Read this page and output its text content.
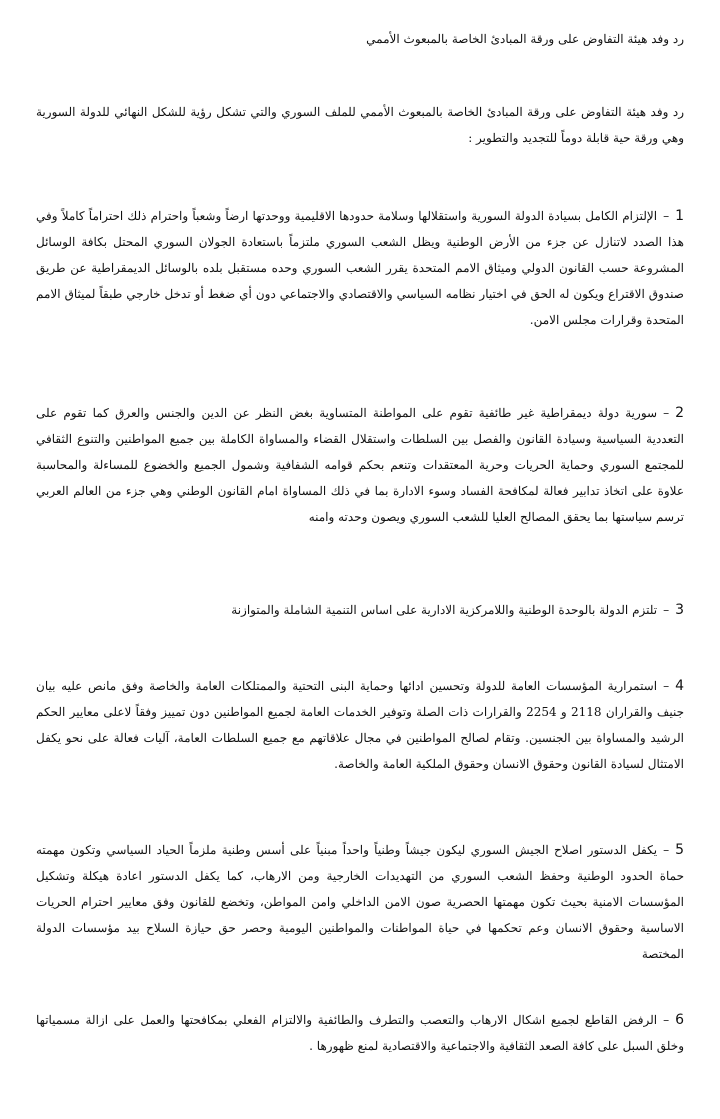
رد وفد هيئة التفاوض على ورقة المبادئ الخاصة بالمبعوث الأممي
رد وفد هيئة التفاوض على ورقة المبادئ الخاصة بالمبعوث الأممي للملف السوري والتي تشكل رؤية للشكل النهائي للدولة السورية وهي ورقة حية قابلة دوماً للتجديد والتطوير :
1–الإلتزام الكامل بسيادة الدولة السورية واستقلالها وسلامة حدودها الاقليمية ووحدتها ارضاً وشعباً واحترام ذلك احتراماً كاملاً وفي هذا الصدد لاتنازل عن جزء من الأرض الوطنية ويظل الشعب السوري ملتزماً باستعادة الجولان السوري المحتل بكافة الوسائل المشروعة حسب القانون الدولي وميثاق الامم المتحدة يقرر الشعب السوري وحده مستقبل بلده بالوسائل الديمقراطية عن طريق صندوق الاقتراع ويكون له الحق في اختيار نظامه السياسي والاقتصادي والاجتماعي دون أي ضغط أو تدخل خارجي طبقاً لميثاق الامم المتحدة وقرارات مجلس الامن.
2–سورية دولة ديمقراطية غير طائفية تقوم على المواطنة المتساوية بغض النظر عن الدين والجنس والعرق كما تقوم على التعددية السياسية وسيادة القانون والفصل بين السلطات واستقلال القضاء والمساواة الكاملة بين جميع المواطنين والتنوع الثقافي للمجتمع السوري وحماية الحريات وحرية المعتقدات وتنعم بحكم قوامه الشفافية وشمول الجميع والخضوع للمساءلة والمحاسبة علاوة على اتخاذ تدابير فعالة لمكافحة الفساد وسوء الادارة بما في ذلك المساواة امام القانون الوطني وهي جزء من العالم العربي ترسم سياستها بما يحقق المصالح العليا للشعب السوري ويصون وحدته وامنه
3–تلتزم الدولة بالوحدة الوطنية واللامركزية الادارية على اساس التنمية الشاملة والمتوازنة
4–استمرارية المؤسسات العامة للدولة وتحسين ادائها وحماية البنى التحتية والممتلكات العامة والخاصة وفق مانص عليه بيان جنيف والقراران 2118 و 2254 والقرارات ذات الصلة وتوفير الخدمات العامة لجميع المواطنين دون تمييز وفقاً لاعلى معايير الحكم الرشيد والمساواة بين الجنسين. وتقام لصالح المواطنين في مجال علاقاتهم مع جميع السلطات العامة، آليات فعالة على نحو يكفل الامتثال لسيادة القانون وحقوق الانسان وحقوق الملكية العامة والخاصة.
5–يكفل الدستور اصلاح الجيش السوري ليكون جيشاً وطنياً واحداً مبنياً على أسس وطنية ملزماً الحياد السياسي وتكون مهمته حماة الحدود الوطنية وحفظ الشعب السوري من التهديدات الخارجية ومن الارهاب، كما يكفل الدستور اعادة هيكلة وتشكيل المؤسسات الامنية بحيث تكون مهمتها الحصرية صون الامن الداخلي وامن المواطن، وتخضع للقانون وفق معايير احترام الحريات الاساسية وحقوق الانسان وعم تحكمها في حياة المواطنات والمواطنين اليومية وحصر حق حيازة السلاح بيد مؤسسات الدولة المختصة
6–الرفض القاطع لجميع اشكال الارهاب والتعصب والتطرف والطائفية والالتزام الفعلي بمكافحتها والعمل على ازالة مسمياتها وخلق السبل على كافة الصعد الثقافية والاجتماعية والاقتصادية لمنع ظهورها .
